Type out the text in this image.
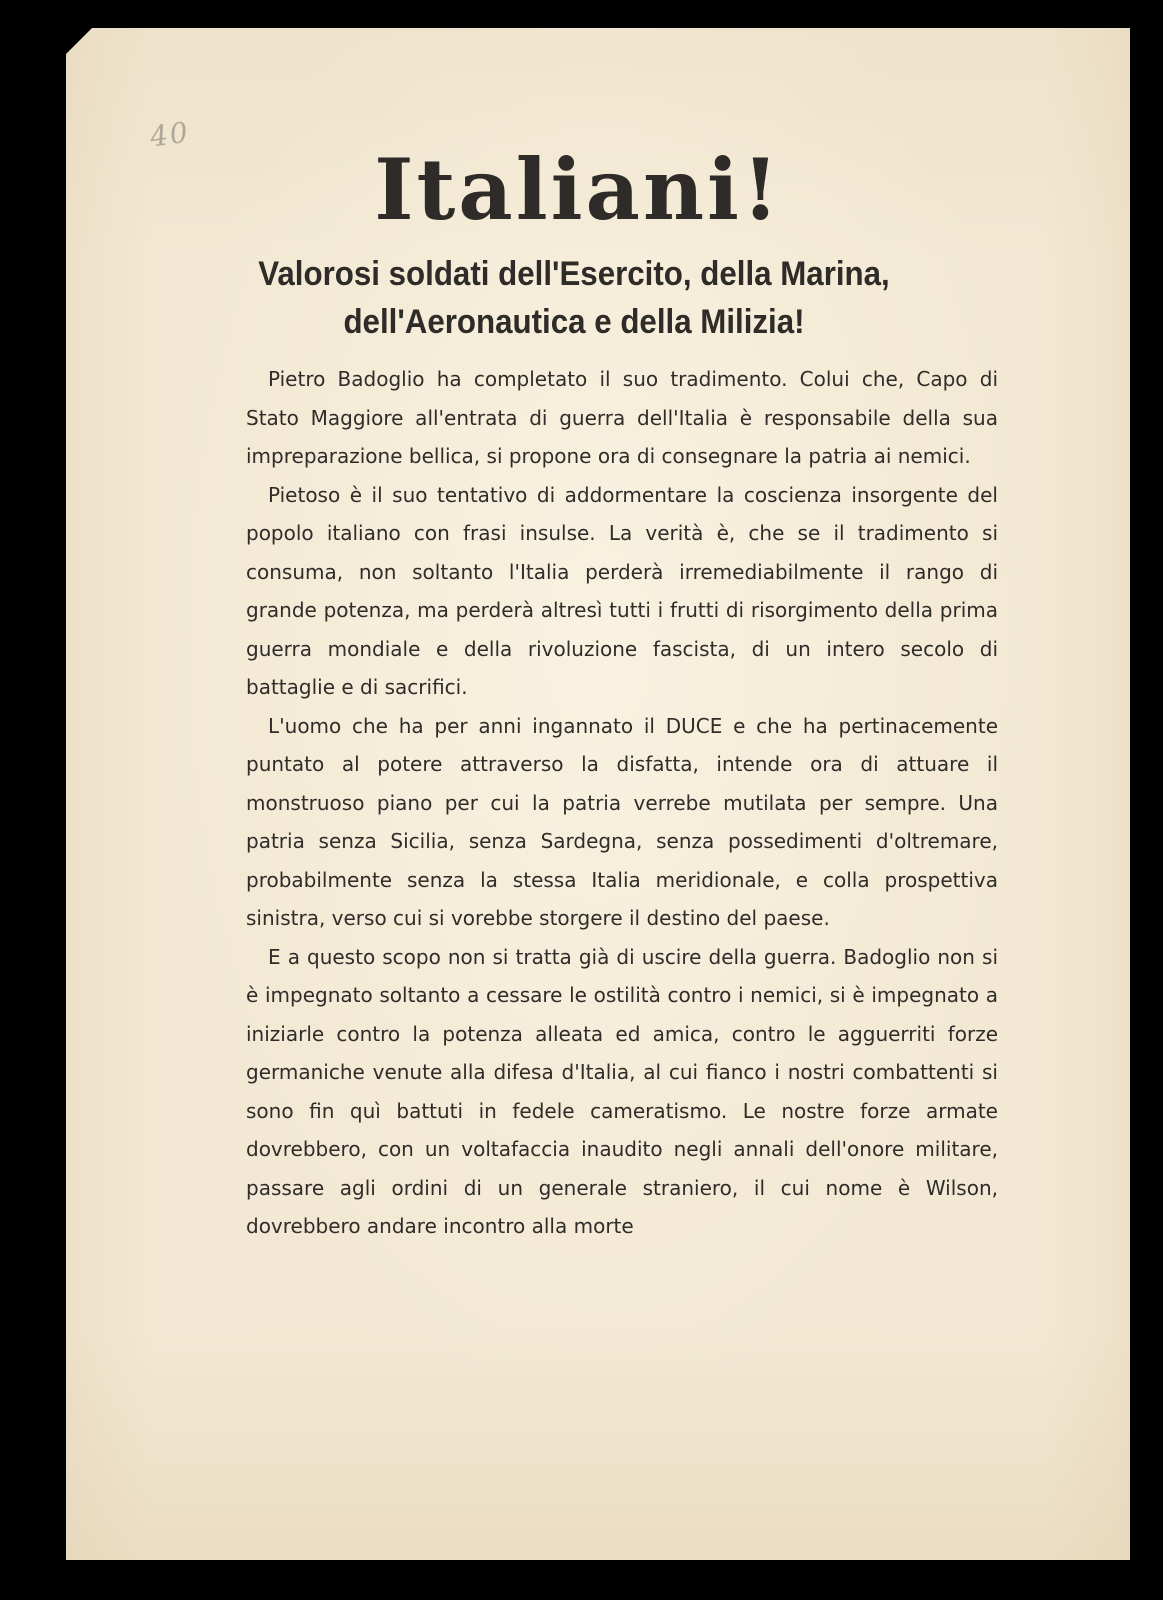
40
Italiani!
Valorosi soldati dell'Esercito, della Marina,
dell'Aeronautica e della Milizia!

Pietro Badoglio ha completato il suo tradimento. Colui che, Capo di Stato Maggiore all'entrata di guerra dell'Italia è responsabile della sua impreparazione bellica, si propone ora di consegnare la patria ai nemici.

Pietoso è il suo tentativo di addormentare la coscienza insorgente del popolo italiano con frasi insulse. La verità è, che se il tradimento si consuma, non soltanto l'Italia perderà irremediabilmente il rango di grande potenza, ma perderà altresì tutti i frutti di risorgimento della prima guerra mondiale e della rivoluzione fascista, di un intero secolo di battaglie e di sacrifici.

L'uomo che ha per anni ingannato il DUCE e che ha pertinacemente puntato al potere attraverso la disfatta, intende ora di attuare il monstruoso piano per cui la patria verrebe mutilata per sempre. Una patria senza Sicilia, senza Sardegna, senza possedimenti d'oltremare, probabilmente senza la stessa Italia meridionale, e colla prospettiva sinistra, verso cui si vorebbe storgere il destino del paese.

E a questo scopo non si tratta già di uscire della guerra. Badoglio non si è impegnato soltanto a cessare le ostilità contro i nemici, si è impegnato a iniziarle contro la potenza alleata ed amica, contro le agguerriti forze germaniche venute alla difesa d'Italia, al cui fianco i nostri combattenti si sono fin quì battuti in fedele cameratismo. Le nostre forze armate dovrebbero, con un voltafaccia inaudito negli annali dell'onore militare, passare agli ordini di un generale straniero, il cui nome è Wilson, dovrebbero andare incontro alla morte
